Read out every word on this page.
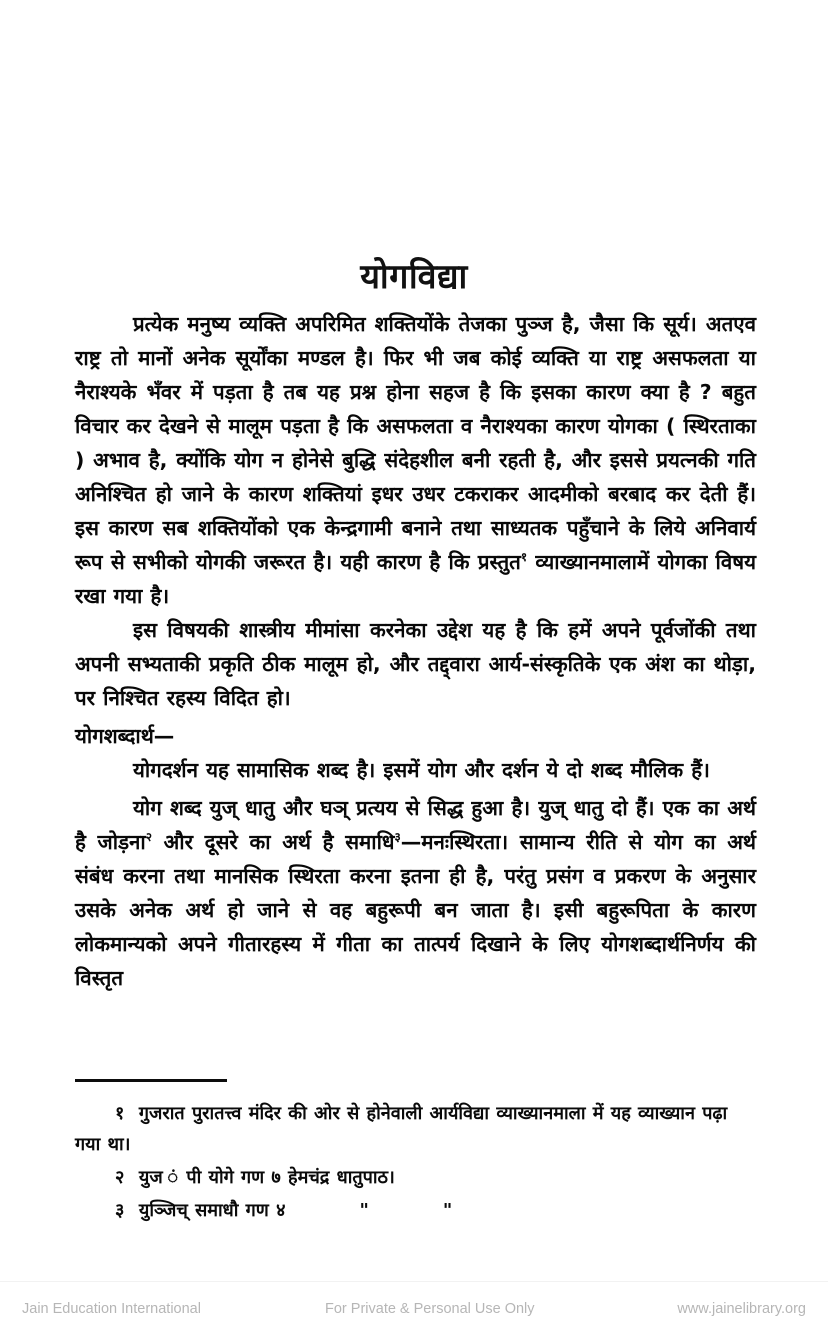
योगविद्या

प्रत्येक मनुष्य व्यक्ति अपरिमित शक्तियोंके तेजका पुञ्ज है, जैसा कि सूर्य। अतएव राष्ट्र तो मानों अनेक सूर्योंका मण्डल है। फिर भी जब कोई व्यक्ति या राष्ट्र असफलता या नैराश्यके भँवर में पड़ता है तब यह प्रश्न होना सहज है कि इसका कारण क्या है ? बहुत विचार कर देखने से मालूम पड़ता है कि असफलता व नैराश्यका कारण योगका ( स्थिरताका ) अभाव है, क्योंकि योग न होनेसे बुद्धि संदेहशील बनी रहती है, और इससे प्रयत्नकी गति अनिश्चित हो जाने के कारण शक्तियां इधर उधर टकराकर आदमीको बरबाद कर देती हैं। इस कारण सब शक्तियोंको एक केन्द्रगामी बनाने तथा साध्यतक पहुँचाने के लिये अनिवार्य रूप से सभीको योगकी जरूरत है। यही कारण है कि प्रस्तुत$^१$ व्याख्यानमालामें योगका विषय रखा गया है।

इस विषयकी शास्त्रीय मीमांसा करनेका उद्देश यह है कि हमें अपने पूर्वजोंकी तथा अपनी सभ्यताकी प्रकृति ठीक मालूम हो, और तद्द्वारा आर्य-संस्कृतिके एक अंश का थोड़ा, पर निश्चित रहस्य विदित हो।

योगशब्दार्थ—

योगदर्शन यह सामासिक शब्द है। इसमें योग और दर्शन ये दो शब्द मौलिक हैं।

योग शब्द युज् धातु और घञ् प्रत्यय से सिद्ध हुआ है। युज् धातु दो हैं। एक का अर्थ है जोड़ना$^२$ और दूसरे का अर्थ है समाधि$^३$—मनःस्थिरता। सामान्य रीति से योग का अर्थ संबंध करना तथा मानसिक स्थिरता करना इतना ही है, परंतु प्रसंग व प्रकरण के अनुसार उसके अनेक अर्थ हो जाने से वह बहुरूपी बन जाता है। इसी बहुरूपिता के कारण लोकमान्यको अपने गीतारहस्य में गीता का तात्पर्य दिखाने के लिए योगशब्दार्थनिर्णय की विस्तृत

१ गुजरात पुरातत्त्व मंदिर की ओर से होनेवाली आर्यविद्या व्याख्यानमाला में यह व्याख्यान पढ़ा गया था।

२ युज ं पी योगे गण ७ हेमचंद्र धातुपाठ।

३ युञ्जिच् समाधौ गण ४	"	"

Jain Education International	For Private & Personal Use Only	www.jainelibrary.org
